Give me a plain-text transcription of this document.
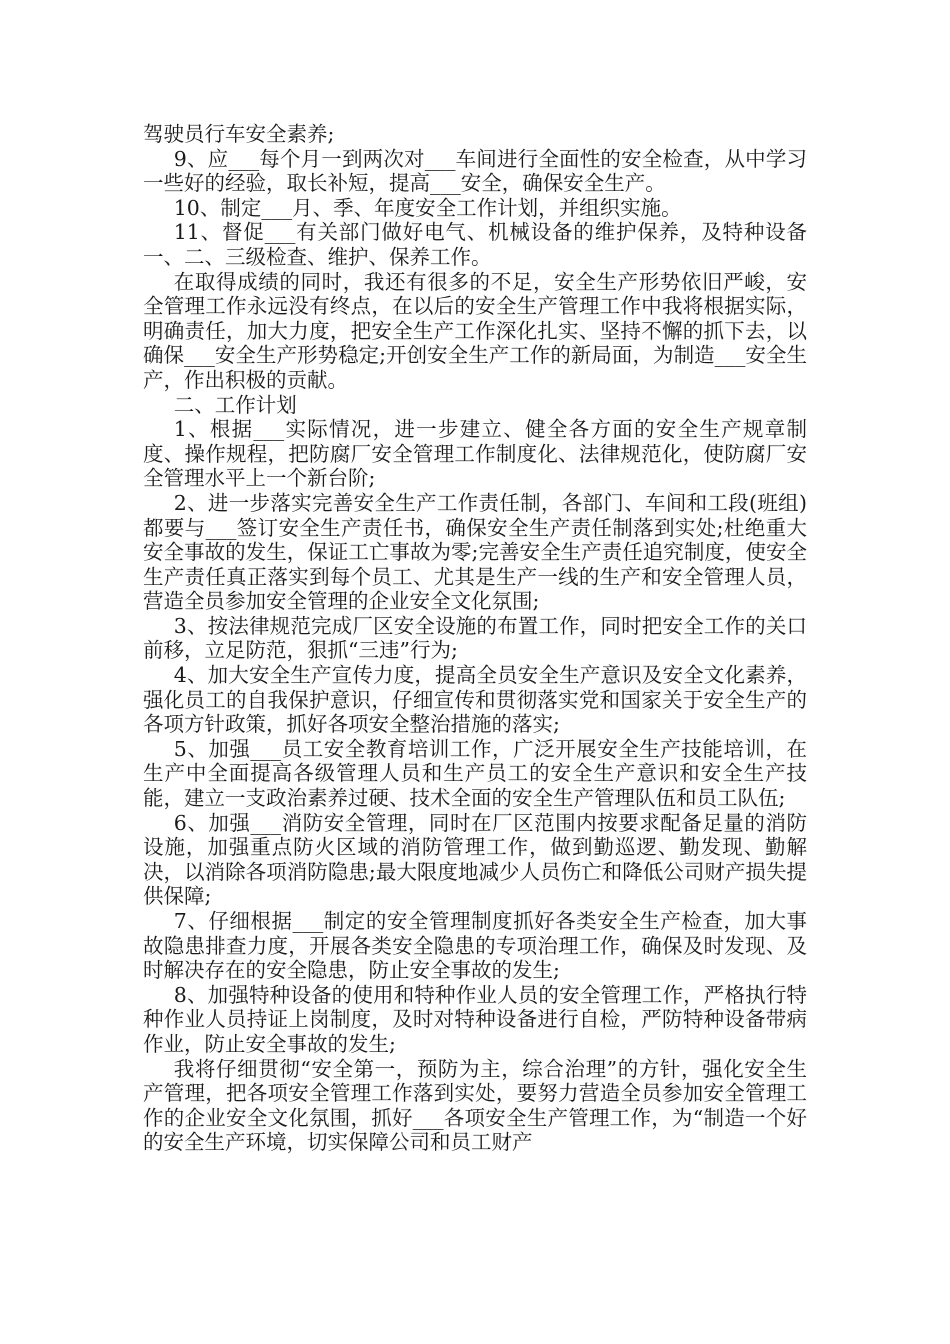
驾驶员行车安全素养;

9、应___每个月一到两次对___车间进行全面性的安全检查，从中学习一些好的经验，取长补短，提高___安全，确保安全生产。

10、制定___月、季、年度安全工作计划，并组织实施。

11、督促___有关部门做好电气、机械设备的维护保养，及特种设备一、二、三级检查、维护、保养工作。

在取得成绩的同时，我还有很多的不足，安全生产形势依旧严峻，安全管理工作永远没有终点，在以后的安全生产管理工作中我将根据实际，明确责任，加大力度，把安全生产工作深化扎实、坚持不懈的抓下去，以确保___安全生产形势稳定;开创安全生产工作的新局面，为制造___安全生产，作出积极的贡献。

二、工作计划

1、根据___实际情况，进一步建立、健全各方面的安全生产规章制度、操作规程，把防腐厂安全管理工作制度化、法律规范化，使防腐厂安全管理水平上一个新台阶;

2、进一步落实完善安全生产工作责任制，各部门、车间和工段(班组)都要与___签订安全生产责任书，确保安全生产责任制落到实处;杜绝重大安全事故的发生，保证工亡事故为零;完善安全生产责任追究制度，使安全生产责任真正落实到每个员工、尤其是生产一线的生产和安全管理人员，营造全员参加安全管理的企业安全文化氛围;

3、按法律规范完成厂区安全设施的布置工作，同时把安全工作的关口前移，立足防范，狠抓“三违”行为;

4、加大安全生产宣传力度，提高全员安全生产意识及安全文化素养，强化员工的自我保护意识，仔细宣传和贯彻落实党和国家关于安全生产的各项方针政策，抓好各项安全整治措施的落实;

5、加强___员工安全教育培训工作，广泛开展安全生产技能培训，在生产中全面提高各级管理人员和生产员工的安全生产意识和安全生产技能，建立一支政治素养过硬、技术全面的安全生产管理队伍和员工队伍;

6、加强___消防安全管理，同时在厂区范围内按要求配备足量的消防设施，加强重点防火区域的消防管理工作，做到勤巡逻、勤发现、勤解决，以消除各项消防隐患;最大限度地减少人员伤亡和降低公司财产损失提供保障;

7、仔细根据___制定的安全管理制度抓好各类安全生产检查，加大事故隐患排查力度，开展各类安全隐患的专项治理工作，确保及时发现、及时解决存在的安全隐患，防止安全事故的发生;

8、加强特种设备的使用和特种作业人员的安全管理工作，严格执行特种作业人员持证上岗制度，及时对特种设备进行自检，严防特种设备带病作业，防止安全事故的发生;

我将仔细贯彻“安全第一，预防为主，综合治理”的方针，强化安全生产管理，把各项安全管理工作落到实处，要努力营造全员参加安全管理工作的企业安全文化氛围，抓好___各项安全生产管理工作，为“制造一个好的安全生产环境，切实保障公司和员工财产
